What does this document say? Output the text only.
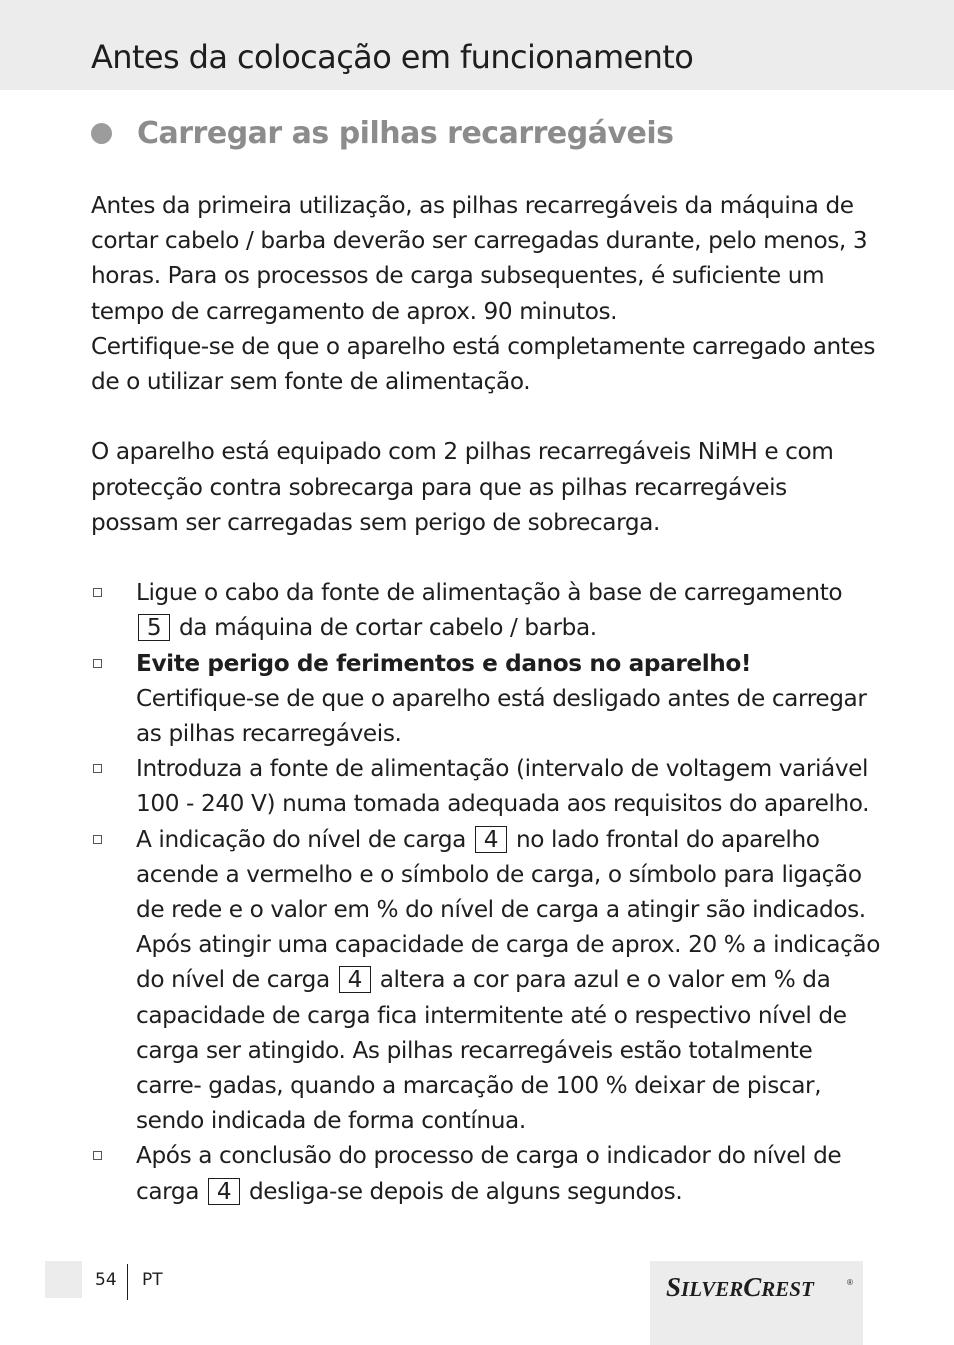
Antes da colocação em funcionamento
Carregar as pilhas recarregáveis

Antes da primeira utilização, as pilhas recarregáveis da máquina de cortar cabelo / barba deverão ser carregadas durante, pelo menos, 3 horas. Para os processos de carga subsequentes, é suficiente um tempo de carregamento de aprox. 90 minutos.

Certifique-se de que o aparelho está completamente carregado antes de o utilizar sem fonte de alimentação.

O aparelho está equipado com 2 pilhas recarregáveis NiMH e com protecção contra sobrecarga para que as pilhas recarregáveis possam ser carregadas sem perigo de sobrecarga.

Ligue o cabo da fonte de alimentação à base de carregamento 5 da máquina de cortar cabelo / barba.
Evite perigo de ferimentos e danos no aparelho!
Certifique-se de que o aparelho está desligado antes de carregar as pilhas recarregáveis.
Introduza a fonte de alimentação (intervalo de voltagem variável 100 - 240 V) numa tomada adequada aos requisitos do aparelho.
A indicação do nível de carga 4 no lado frontal do aparelho acende a vermelho e o símbolo de carga, o símbolo para ligação de rede e o valor em % do nível de carga a atingir são indicados. Após atingir uma capacidade de carga de aprox. 20 % a indicação do nível de carga 4 altera a cor para azul e o valor em % da capacidade de carga fica intermitente até o respectivo nível de carga ser atingido. As pilhas recarregáveis estão totalmente carre- gadas, quando a marcação de 100 % deixar de piscar, sendo indicada de forma contínua.
Após a conclusão do processo de carga o indicador do nível de carga 4 desliga-se depois de alguns segundos.
54 PT	SILVERCREST	®
